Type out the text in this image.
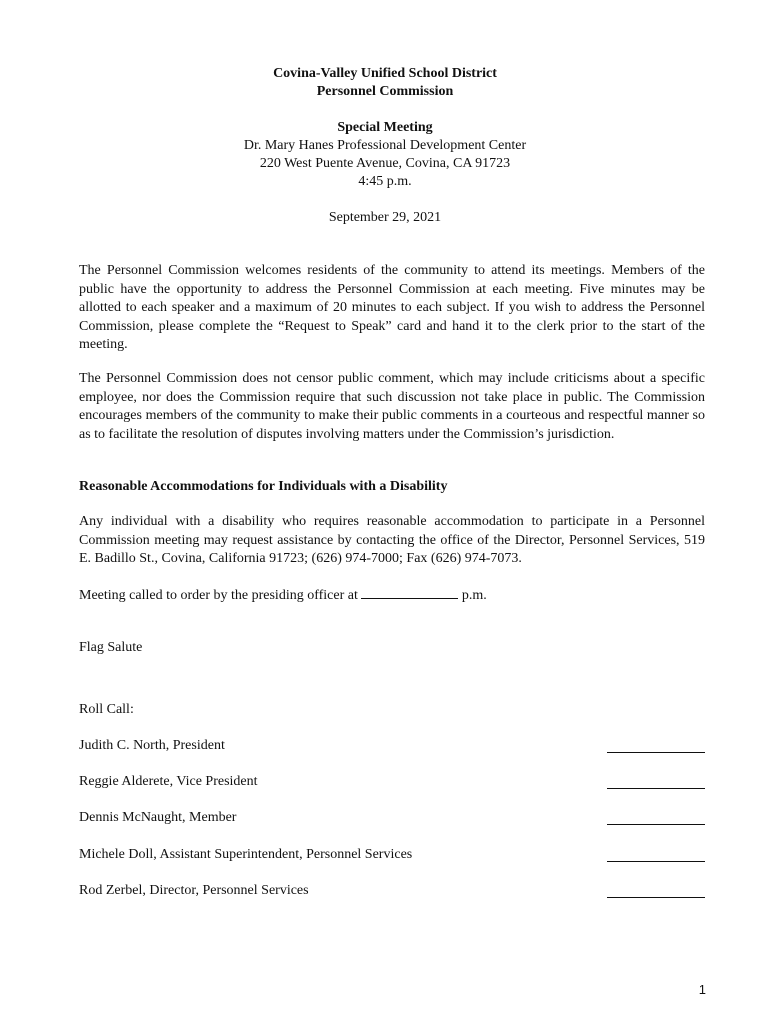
Covina-Valley Unified School District
Personnel Commission
Special Meeting
Dr. Mary Hanes Professional Development Center
220 West Puente Avenue, Covina, CA 91723
4:45 p.m.
September 29, 2021

The Personnel Commission welcomes residents of the community to attend its meetings. Members of the public have the opportunity to address the Personnel Commission at each meeting. Five minutes may be allotted to each speaker and a maximum of 20 minutes to each subject. If you wish to address the Personnel Commission, please complete the “Request to Speak” card and hand it to the clerk prior to the start of the meeting.

The Personnel Commission does not censor public comment, which may include criticisms about a specific employee, nor does the Commission require that such discussion not take place in public. The Commission encourages members of the community to make their public comments in a courteous and respectful manner so as to facilitate the resolution of disputes involving matters under the Commission’s jurisdiction.

Reasonable Accommodations for Individuals with a Disability

Any individual with a disability who requires reasonable accommodation to participate in a Personnel Commission meeting may request assistance by contacting the office of the Director, Personnel Services, 519 E. Badillo St., Covina, California 91723; (626) 974-7000; Fax (626) 974-7073.

Meeting called to order by the presiding officer at	p.m.

Flag Salute

Roll Call:

Judith C. North, President
Reggie Alderete, Vice President
Dennis McNaught, Member
Michele Doll, Assistant Superintendent, Personnel Services
Rod Zerbel, Director, Personnel Services
1
